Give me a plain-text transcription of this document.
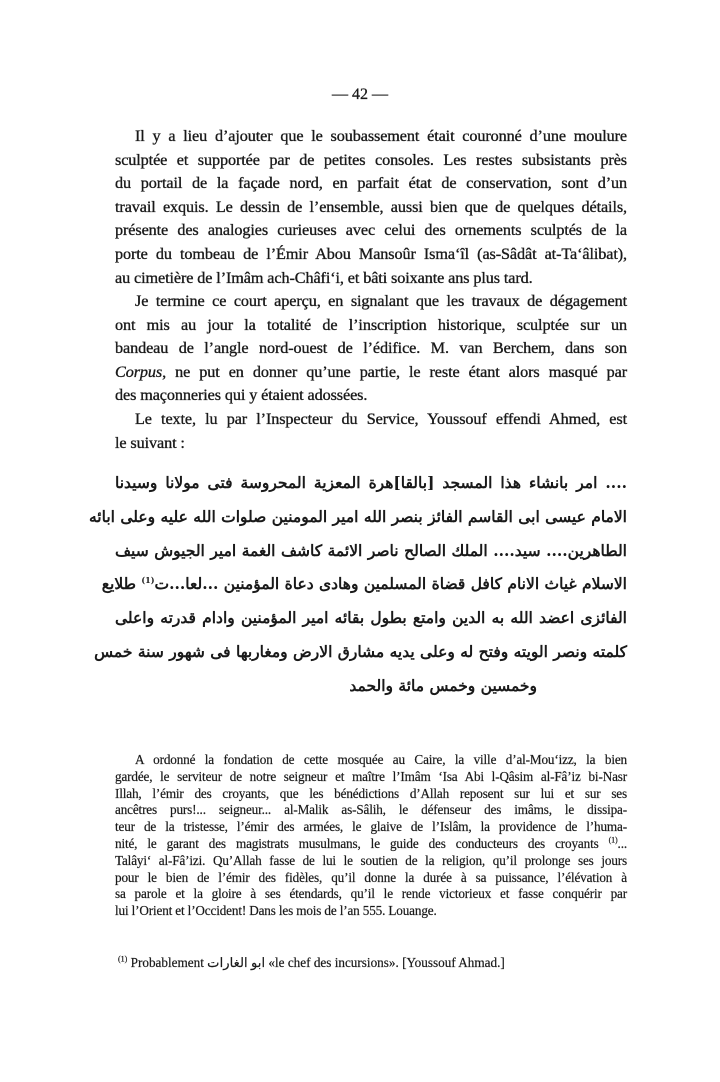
— 42 —
Il y a lieu d’ajouter que le soubassement était couronné d’une moulure
sculptée et supportée par de petites consoles. Les restes subsistants près
du portail de la façade nord, en parfait état de conservation, sont d’un
travail exquis. Le dessin de l’ensemble, aussi bien que de quelques détails,
présente des analogies curieuses avec celui des ornements sculptés de la
porte du tombeau de l’Émir Abou Mansoûr Isma‘îl (as-Sâdât at-Ta‘âlibat),
au cimetière de l’Imâm ach-Châfi‘i, et bâti soixante ans plus tard.
Je termine ce court aperçu, en signalant que les travaux de dégagement
ont mis au jour la totalité de l’inscription historique, sculptée sur un
bandeau de l’angle nord-ouest de l’édifice. M. van Berchem, dans son
Corpus, ne put en donner qu’une partie, le reste étant alors masqué par
des maçonneries qui y étaient adossées.
Le texte, lu par l’Inspecteur du Service, Youssouf effendi Ahmed, est
le suivant :
.... امر بانشاء هذا المسجد [بالقا]هرة المعزية المحروسة فتى مولانا وسيدنا
الامام عيسى ابى القاسم الفائز بنصر الله امير المومنين صلوات الله عليه وعلى ابائه
الطاهرين.... سيد.... الملك الصالح ناصر الائمة كاشف الغمة امير الجيوش سيف
الاسلام غياث الانام كافل قضاة المسلمين وهادى دعاة المؤمنين ...لعا...ت$^{(1)}$ طلايع
الفائزى اعضد الله به الدين وامتع بطول بقائه امير المؤمنين وادام قدرته واعلى
كلمته ونصر الويته وفتح له وعلى يديه مشارق الارض ومغاربها فى شهور سنة خمس
وخمسين وخمس مائة والحمد
A ordonné la fondation de cette mosquée au Caire, la ville d’al-Mou‘izz, la bien
gardée, le serviteur de notre seigneur et maître l’Imâm ‘Isa Abi l-Qâsim al-Fâ’iz bi-Nasr
Illah, l’émir des croyants, que les bénédictions d’Allah reposent sur lui et sur ses
ancêtres purs!... seigneur... al-Malik as-Sâlih, le défenseur des imâms, le dissipa-
teur de la tristesse, l’émir des armées, le glaive de l’Islâm, la providence de l’huma-
nité, le garant des magistrats musulmans, le guide des conducteurs des croyants $^{(1)}$...
Talâyi‘ al-Fâ’izi. Qu’Allah fasse de lui le soutien de la religion, qu’il prolonge ses jours
pour le bien de l’émir des fidèles, qu’il donne la durée à sa puissance, l’élévation à
sa parole et la gloire à ses étendards, qu’il le rende victorieux et fasse conquérir par
lui l’Orient et l’Occident! Dans les mois de l’an 555. Louange.
$^{(1)}$ Probablement ابو الغارات «le chef des incursions». [Youssouf Ahmad.]
